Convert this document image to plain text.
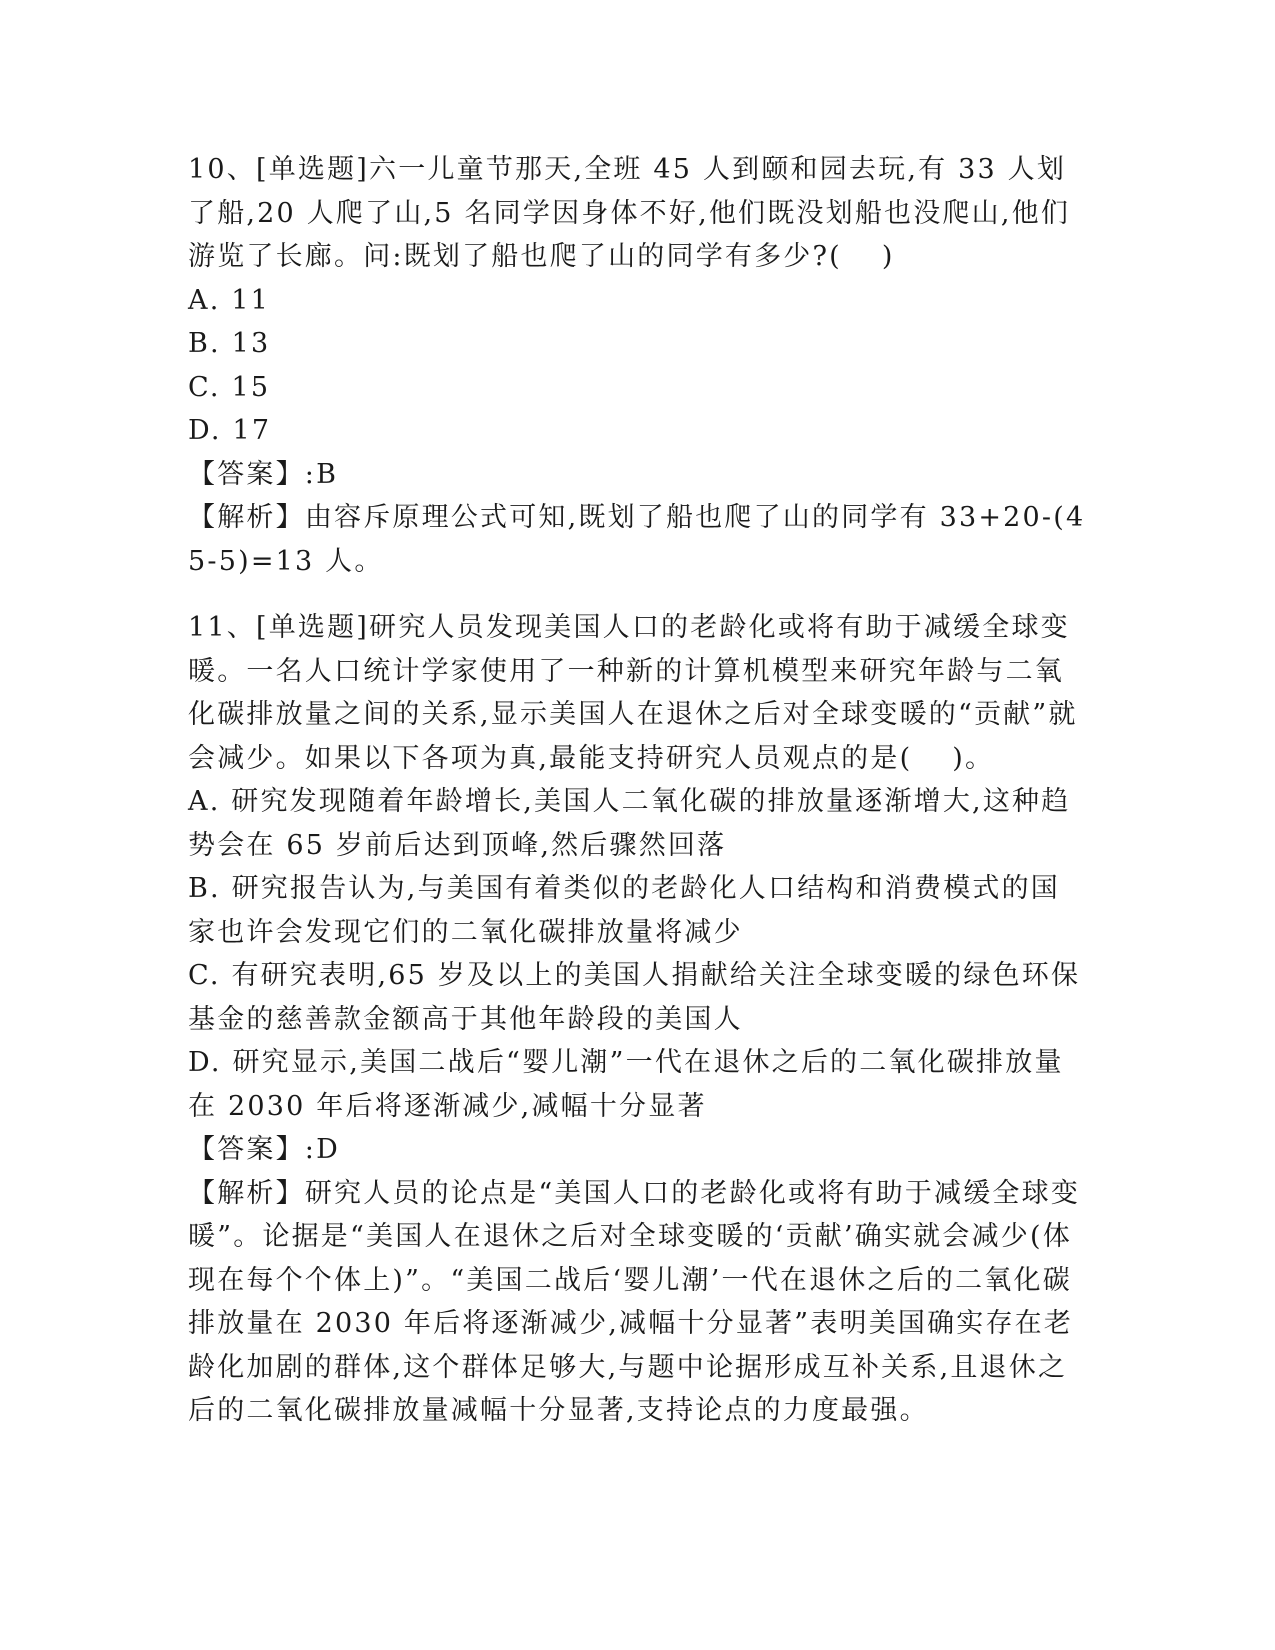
10、[单选题]六一儿童节那天,全班 45 人到颐和园去玩,有 33 人划了船,20 人爬了山,5 名同学因身体不好,他们既没划船也没爬山,他们游览了长廊。问:既划了船也爬了山的同学有多少?(　 )

A. 11

B. 13

C. 15

D. 17

【答案】:B

【解析】由容斥原理公式可知,既划了船也爬了山的同学有 33+20-(45-5)=13 人。

11、[单选题]研究人员发现美国人口的老龄化或将有助于减缓全球变暖。一名人口统计学家使用了一种新的计算机模型来研究年龄与二氧化碳排放量之间的关系,显示美国人在退休之后对全球变暖的“贡献”就会减少。如果以下各项为真,最能支持研究人员观点的是(　 )。

A. 研究发现随着年龄增长,美国人二氧化碳的排放量逐渐增大,这种趋势会在 65 岁前后达到顶峰,然后骤然回落

B. 研究报告认为,与美国有着类似的老龄化人口结构和消费模式的国家也许会发现它们的二氧化碳排放量将减少

C. 有研究表明,65 岁及以上的美国人捐献给关注全球变暖的绿色环保基金的慈善款金额高于其他年龄段的美国人

D. 研究显示,美国二战后“婴儿潮”一代在退休之后的二氧化碳排放量在 2030 年后将逐渐减少,减幅十分显著

【答案】:D

【解析】研究人员的论点是“美国人口的老龄化或将有助于减缓全球变暖”。论据是“美国人在退休之后对全球变暖的‘贡献’确实就会减少(体现在每个个体上)”。“美国二战后‘婴儿潮’一代在退休之后的二氧化碳排放量在 2030 年后将逐渐减少,减幅十分显著”表明美国确实存在老龄化加剧的群体,这个群体足够大,与题中论据形成互补关系,且退休之后的二氧化碳排放量减幅十分显著,支持论点的力度最强。
